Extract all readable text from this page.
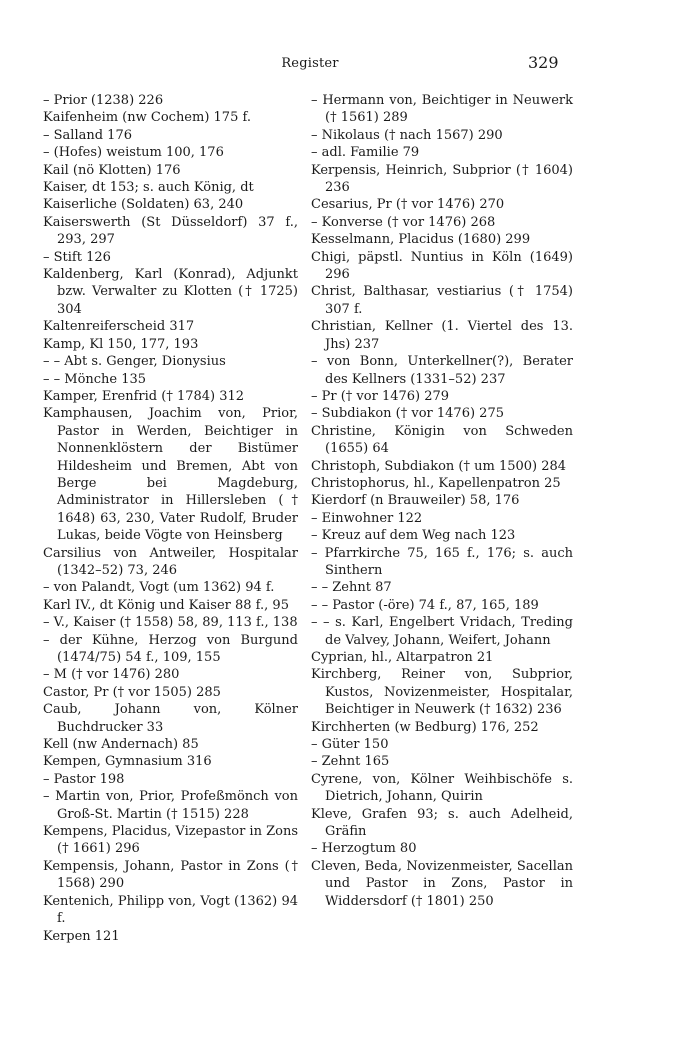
Register	329

– Prior (1238) 226

Kaifenheim (nw Cochem) 175 f.

– Salland 176

– (Hofes) weistum 100, 176

Kail (nö Klotten) 176

Kaiser, dt 153; s. auch König, dt

Kaiserliche (Soldaten) 63, 240

Kaiserswerth (St Düsseldorf) 37 f., 293, 297

– Stift 126

Kaldenberg, Karl (Konrad), Adjunkt bzw. Verwalter zu Klotten († 1725) 304

Kaltenreiferscheid 317

Kamp, Kl 150, 177, 193

– – Abt s. Genger, Dionysius

– – Mönche 135

Kamper, Erenfrid († 1784) 312

Kamphausen, Joachim von, Prior, Pastor in Werden, Beichtiger in Nonnenklöstern der Bistümer Hildesheim und Bremen, Abt von Berge bei Magdeburg, Administrator in Hillersleben († 1648) 63, 230, Vater Rudolf, Bruder Lukas, beide Vögte von Heinsberg

Carsilius von Antweiler, Hospitalar (1342–52) 73, 246

– von Palandt, Vogt (um 1362) 94 f.

Karl IV., dt König und Kaiser 88 f., 95

– V., Kaiser († 1558) 58, 89, 113 f., 138

– der Kühne, Herzog von Burgund (1474/75) 54 f., 109, 155

– M († vor 1476) 280

Castor, Pr († vor 1505) 285

Caub, Johann von, Kölner Buchdrucker 33

Kell (nw Andernach) 85

Kempen, Gymnasium 316

– Pastor 198

– Martin von, Prior, Profeßmönch von Groß-St. Martin († 1515) 228

Kempens, Placidus, Vizepastor in Zons († 1661) 296

Kempensis, Johann, Pastor in Zons († 1568) 290

Kentenich, Philipp von, Vogt (1362) 94 f.

Kerpen 121

– Hermann von, Beichtiger in Neuwerk († 1561) 289

– Nikolaus († nach 1567) 290

– adl. Familie 79

Kerpensis, Heinrich, Subprior († 1604) 236

Cesarius, Pr († vor 1476) 270

– Konverse († vor 1476) 268

Kesselmann, Placidus (1680) 299

Chigi, päpstl. Nuntius in Köln (1649) 296

Christ, Balthasar, vestiarius († 1754) 307 f.

Christian, Kellner (1. Viertel des 13. Jhs) 237

– von Bonn, Unterkellner(?), Berater des Kellners (1331–52) 237

– Pr († vor 1476) 279

– Subdiakon († vor 1476) 275

Christine, Königin von Schweden (1655) 64

Christoph, Subdiakon († um 1500) 284

Christophorus, hl., Kapellenpatron 25

Kierdorf (n Brauweiler) 58, 176

– Einwohner 122

– Kreuz auf dem Weg nach 123

– Pfarrkirche 75, 165 f., 176; s. auch Sinthern

– – Zehnt 87

– – Pastor (-öre) 74 f., 87, 165, 189

– – s. Karl, Engelbert Vridach, Treding de Valvey, Johann, Weifert, Johann

Cyprian, hl., Altarpatron 21

Kirchberg, Reiner von, Subprior, Kustos, Novizenmeister, Hospitalar, Beichtiger in Neuwerk († 1632) 236

Kirchherten (w Bedburg) 176, 252

– Güter 150

– Zehnt 165

Cyrene, von, Kölner Weihbischöfe s. Dietrich, Johann, Quirin

Kleve, Grafen 93; s. auch Adelheid, Gräfin

– Herzogtum 80

Cleven, Beda, Novizenmeister, Sacellan und Pastor in Zons, Pastor in Widdersdorf († 1801) 250
